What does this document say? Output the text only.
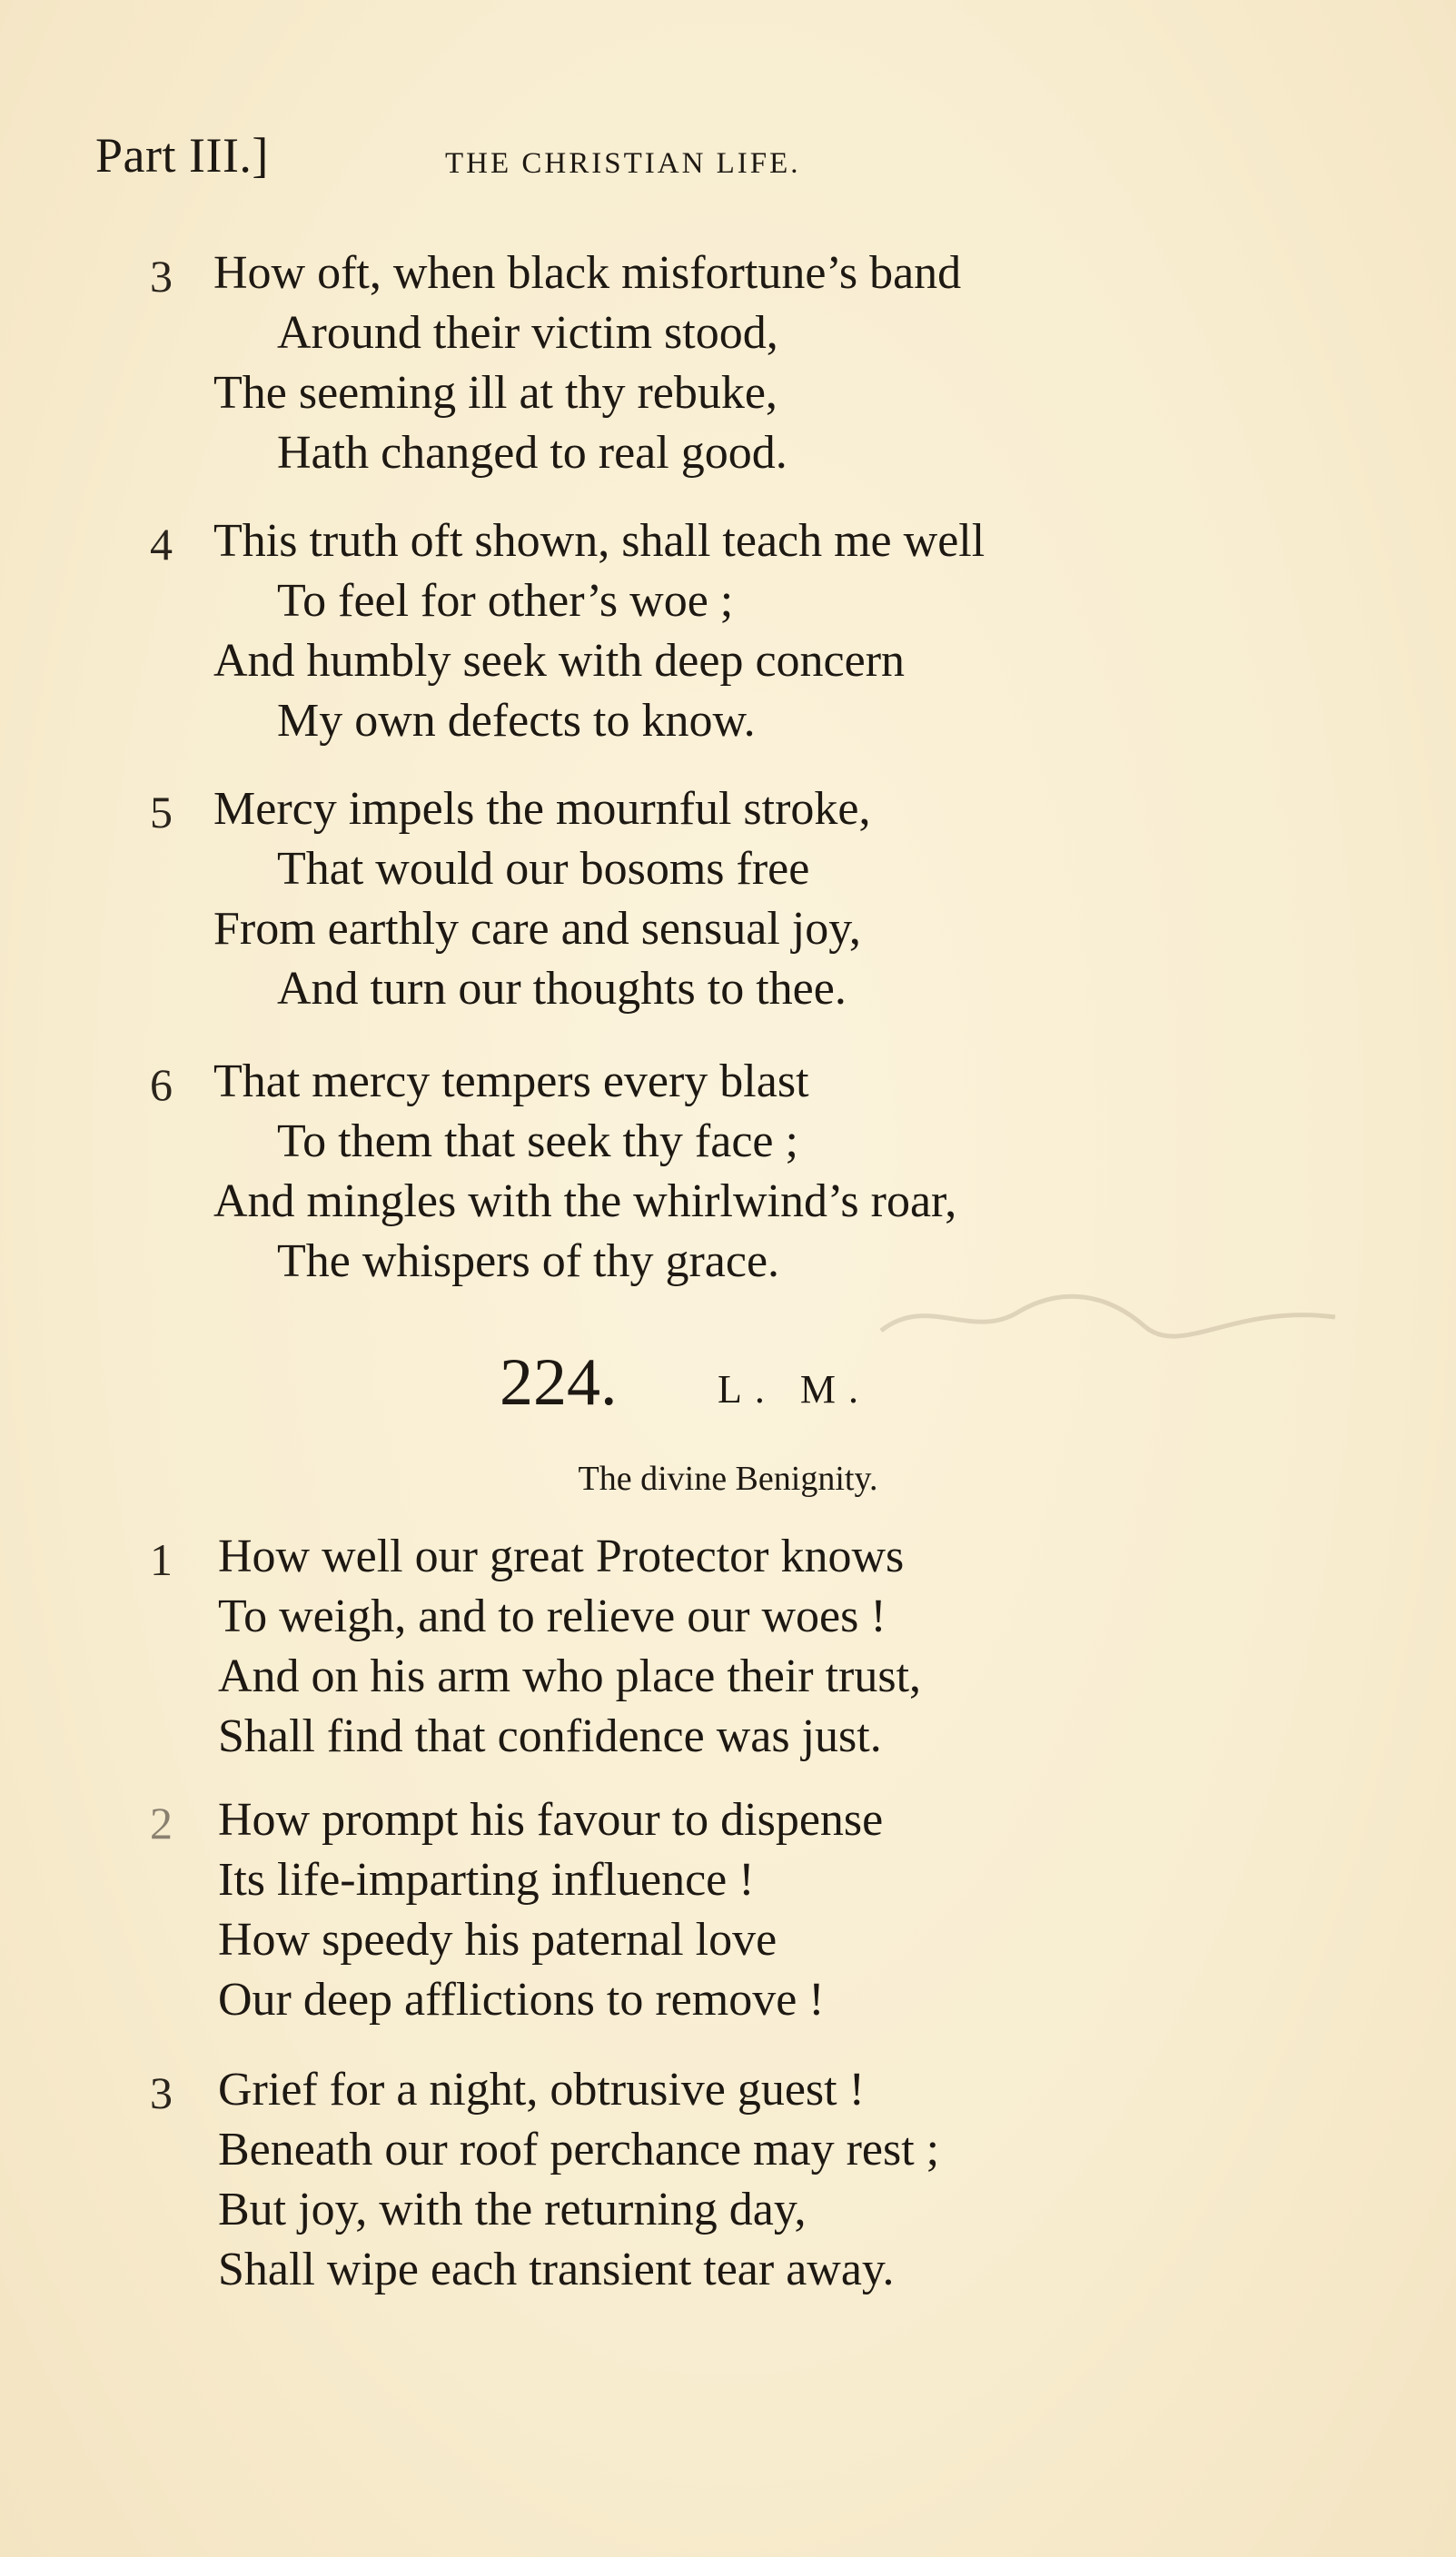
Part III.]	THE CHRISTIAN LIFE.
3 How oft, when black misfortune’s band
Around their victim stood,
The seeming ill at thy rebuke,
Hath changed to real good.
4 This truth oft shown, shall teach me well
To feel for other’s woe ;
And humbly seek with deep concern
My own defects to know.
5 Mercy impels the mournful stroke,
That would our bosoms free
From earthly care and sensual joy,
And turn our thoughts to thee.
6 That mercy tempers every blast
To them that seek thy face ;
And mingles with the whirlwind’s roar,
The whispers of thy grace.
224.	L. M.
The divine Benignity.
1 How well our great Protector knows
To weigh, and to relieve our woes !
And on his arm who place their trust,
Shall find that confidence was just.
2 How prompt his favour to dispense
Its life-imparting influence !
How speedy his paternal love
Our deep afflictions to remove !
3 Grief for a night, obtrusive guest !
Beneath our roof perchance may rest ;
But joy, with the returning day,
Shall wipe each transient tear away.
